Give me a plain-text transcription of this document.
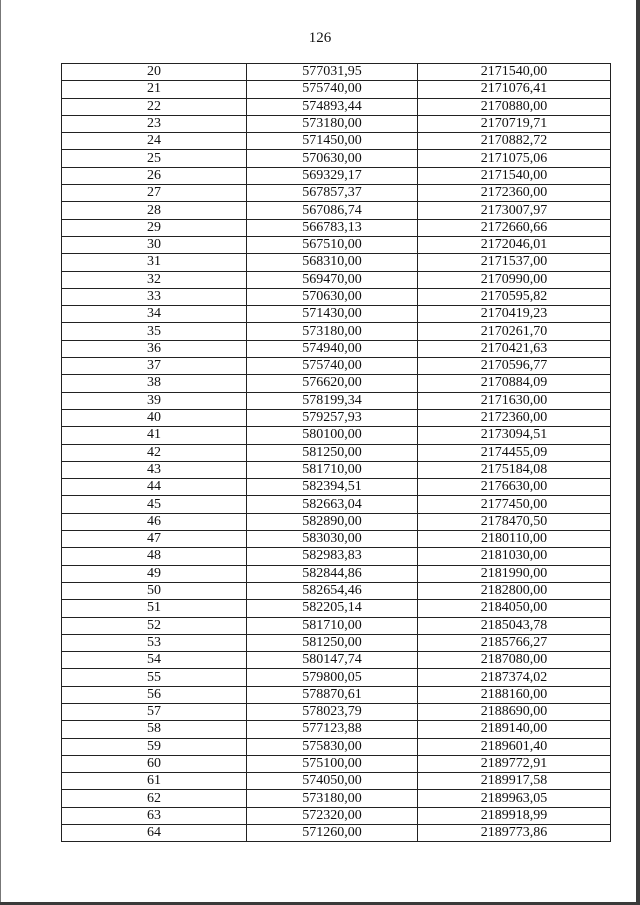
126
20	577031,95	2171540,00
21	575740,00	2171076,41
22	574893,44	2170880,00
23	573180,00	2170719,71
24	571450,00	2170882,72
25	570630,00	2171075,06
26	569329,17	2171540,00
27	567857,37	2172360,00
28	567086,74	2173007,97
29	566783,13	2172660,66
30	567510,00	2172046,01
31	568310,00	2171537,00
32	569470,00	2170990,00
33	570630,00	2170595,82
34	571430,00	2170419,23
35	573180,00	2170261,70
36	574940,00	2170421,63
37	575740,00	2170596,77
38	576620,00	2170884,09
39	578199,34	2171630,00
40	579257,93	2172360,00
41	580100,00	2173094,51
42	581250,00	2174455,09
43	581710,00	2175184,08
44	582394,51	2176630,00
45	582663,04	2177450,00
46	582890,00	2178470,50
47	583030,00	2180110,00
48	582983,83	2181030,00
49	582844,86	2181990,00
50	582654,46	2182800,00
51	582205,14	2184050,00
52	581710,00	2185043,78
53	581250,00	2185766,27
54	580147,74	2187080,00
55	579800,05	2187374,02
56	578870,61	2188160,00
57	578023,79	2188690,00
58	577123,88	2189140,00
59	575830,00	2189601,40
60	575100,00	2189772,91
61	574050,00	2189917,58
62	573180,00	2189963,05
63	572320,00	2189918,99
64	571260,00	2189773,86
